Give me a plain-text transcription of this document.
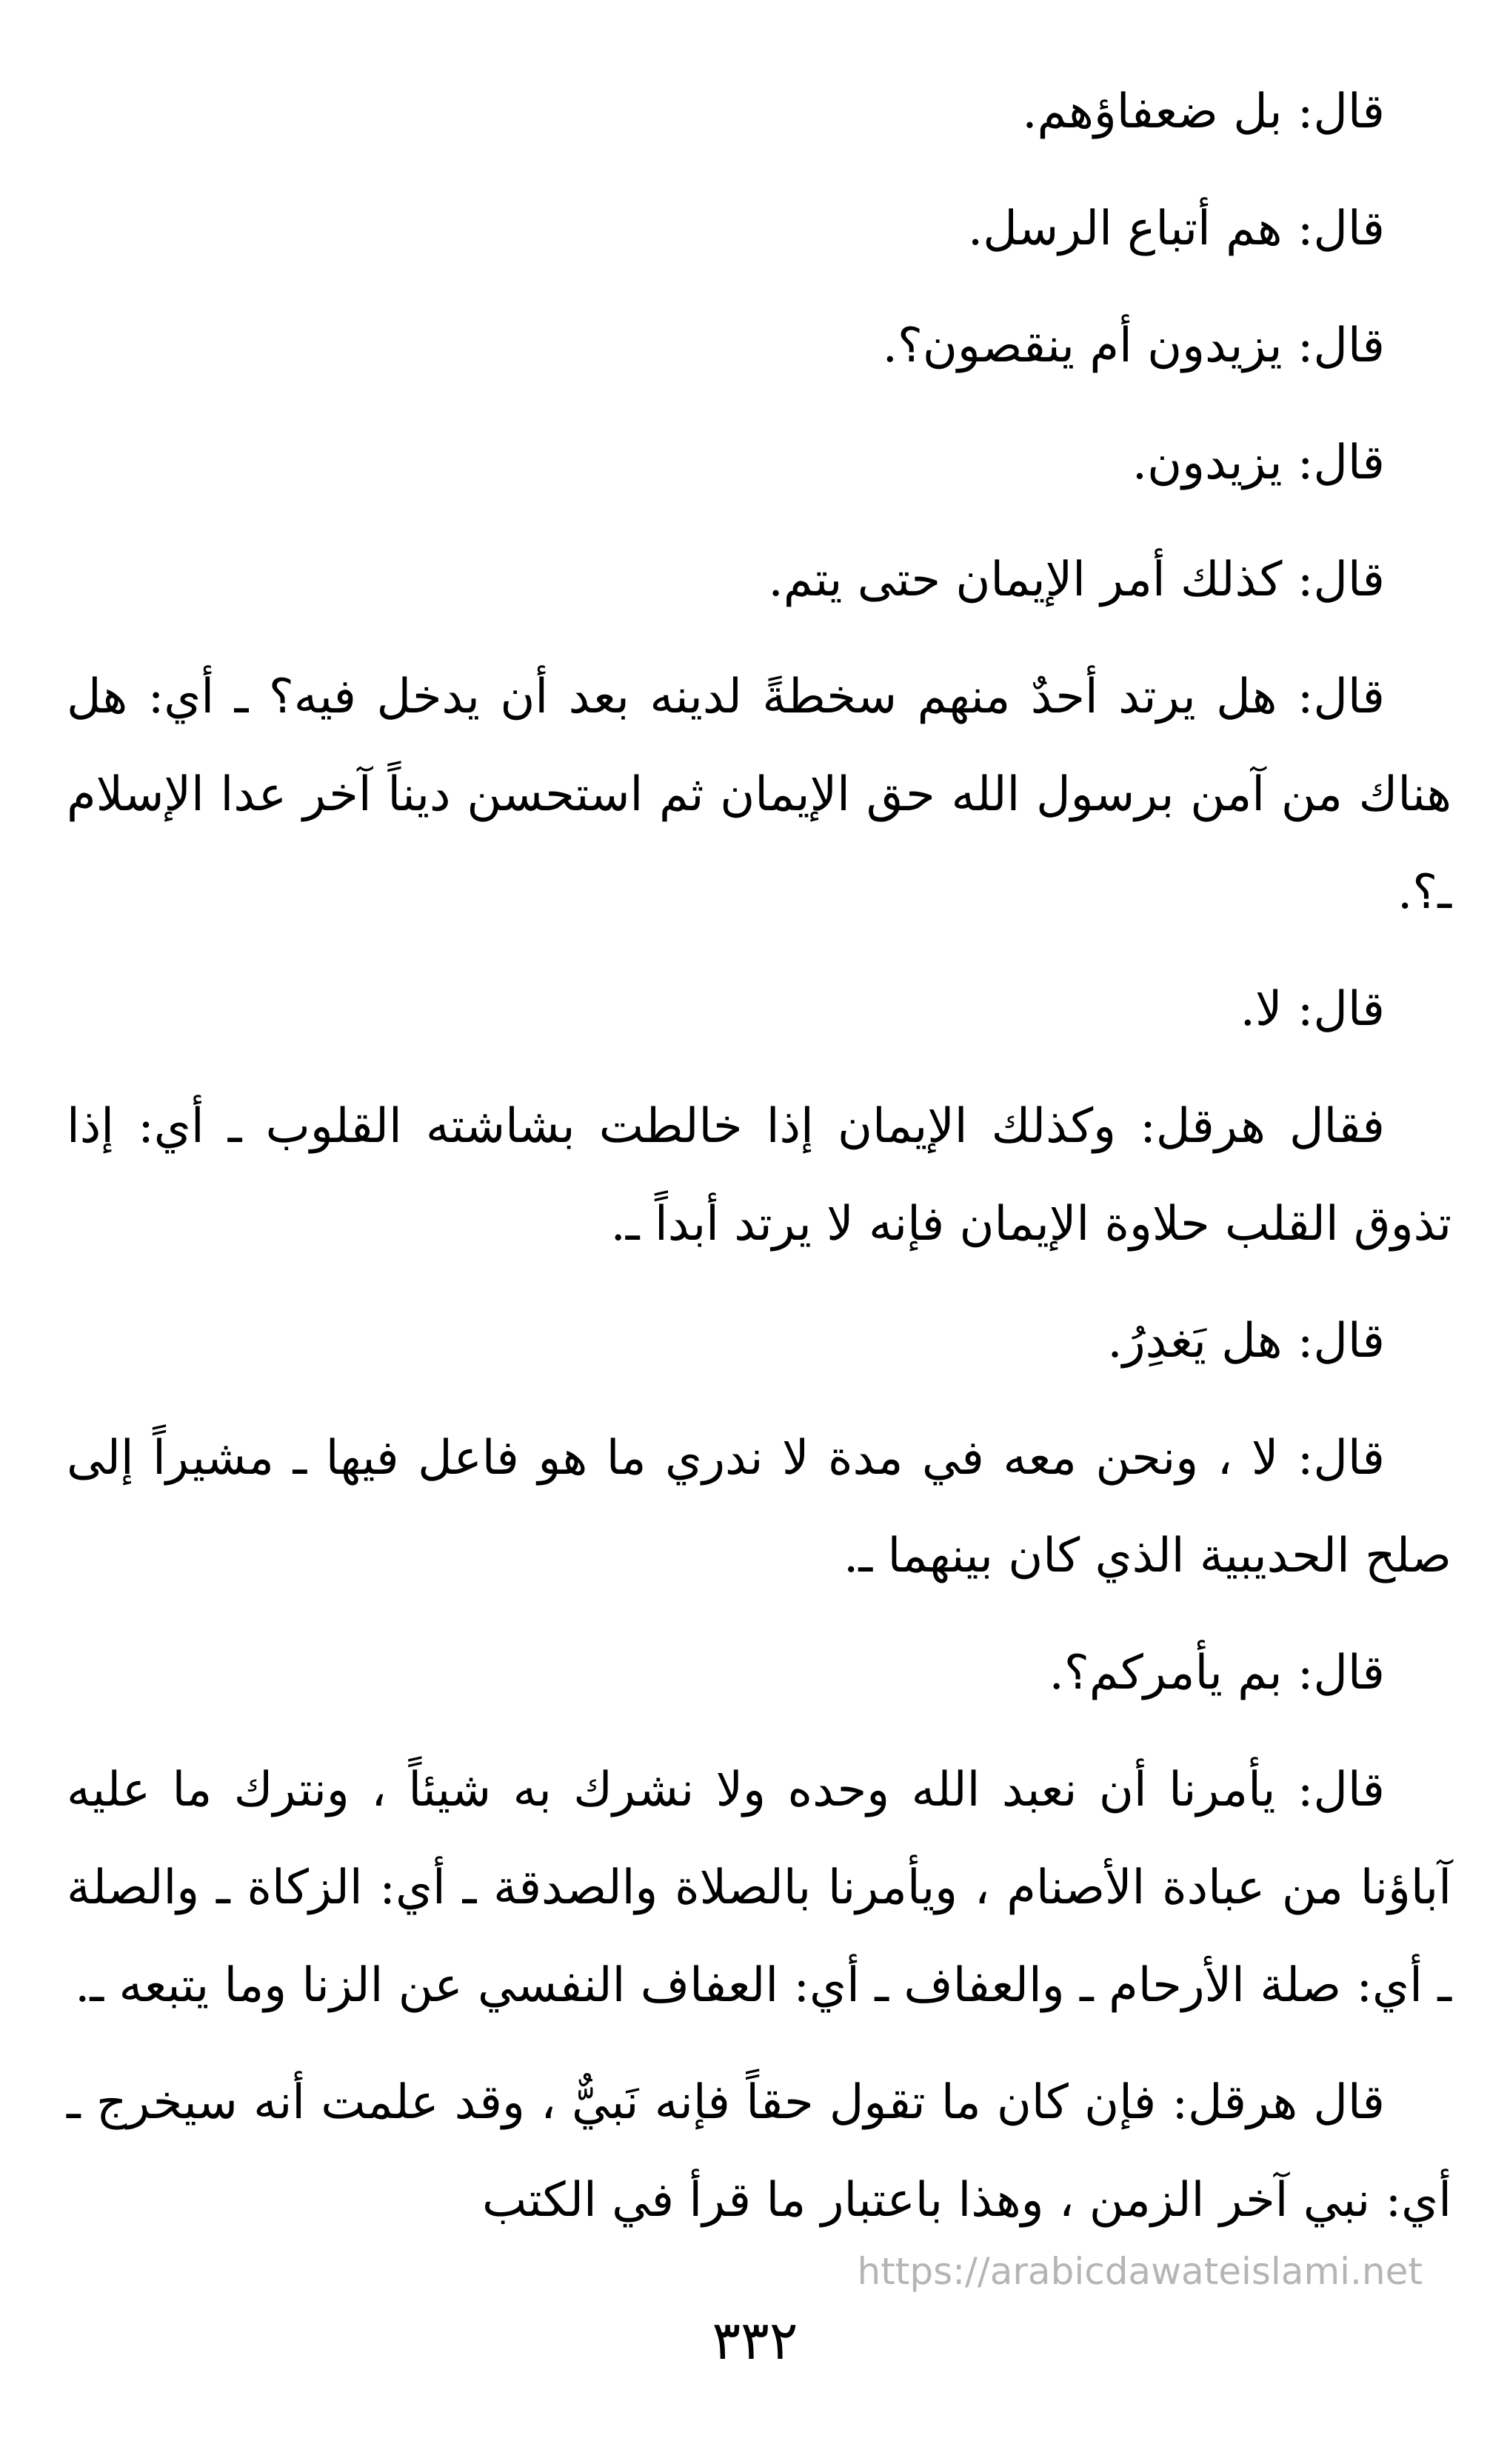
قال: بل ضعفاؤهم.

قال: هم أتباع الرسل.

قال: يزيدون أم ينقصون؟.

قال: يزيدون.

قال: كذلك أمر الإيمان حتى يتم.

قال: هل يرتد أحدٌ منهم سخطةً لدينه بعد أن يدخل فيه؟ ـ أي: هل هناك من آمن برسول الله حق الإيمان ثم استحسن ديناً آخر عدا الإسلام ـ؟.

قال: لا.

فقال هرقل: وكذلك الإيمان إذا خالطت بشاشته القلوب ـ أي: إذا تذوق القلب حلاوة الإيمان فإنه لا يرتد أبداً ـ.

قال: هل يَغدِرُ.

قال: لا ، ونحن معه في مدة لا ندري ما هو فاعل فيها ـ مشيراً إلى صلح الحديبية الذي كان بينهما ـ.

قال: بم يأمركم؟.

قال: يأمرنا أن نعبد الله وحده ولا نشرك به شيئاً ، ونترك ما عليه آباؤنا من عبادة الأصنام ، ويأمرنا بالصلاة والصدقة ـ أي: الزكاة ـ والصلة ـ أي: صلة الأرحام ـ والعفاف ـ أي: العفاف النفسي عن الزنا وما يتبعه ـ.

قال هرقل: فإن كان ما تقول حقاً فإنه نَبيٌّ ، وقد علمت أنه سيخرج ـ أي: نبي آخر الزمن ، وهذا باعتبار ما قرأ في الكتب

https://arabicdawateislami.net
٣٣٢
